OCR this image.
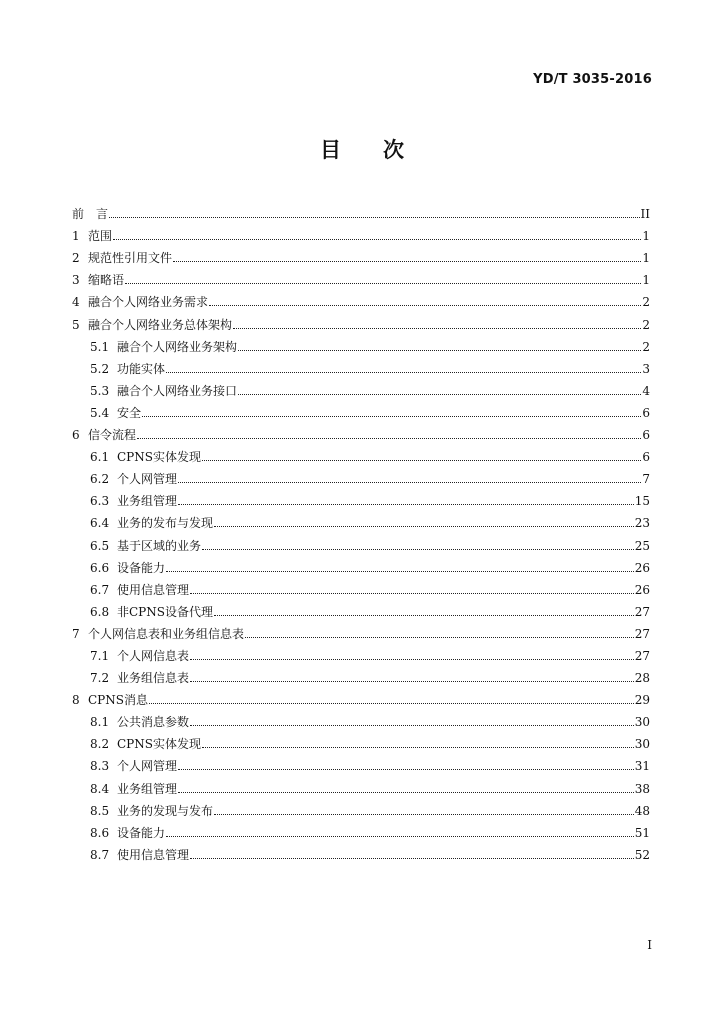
YD/T 3035-2016
目 次
前　言	II
1 范围	1
2 规范性引用文件	1
3 缩略语	1
4 融合个人网络业务需求	2
5 融合个人网络业务总体架构	2
5.1 融合个人网络业务架构	2
5.2 功能实体	3
5.3 融合个人网络业务接口	4
5.4 安全	6
6 信令流程	6
6.1 CPNS实体发现	6
6.2 个人网管理	7
6.3 业务组管理	15
6.4 业务的发布与发现	23
6.5 基于区域的业务	25
6.6 设备能力	26
6.7 使用信息管理	26
6.8 非CPNS设备代理	27
7 个人网信息表和业务组信息表	27
7.1 个人网信息表	27
7.2 业务组信息表	28
8 CPNS消息	29
8.1 公共消息参数	30
8.2 CPNS实体发现	30
8.3 个人网管理	31
8.4 业务组管理	38
8.5 业务的发现与发布	48
8.6 设备能力	51
8.7 使用信息管理	52
I
